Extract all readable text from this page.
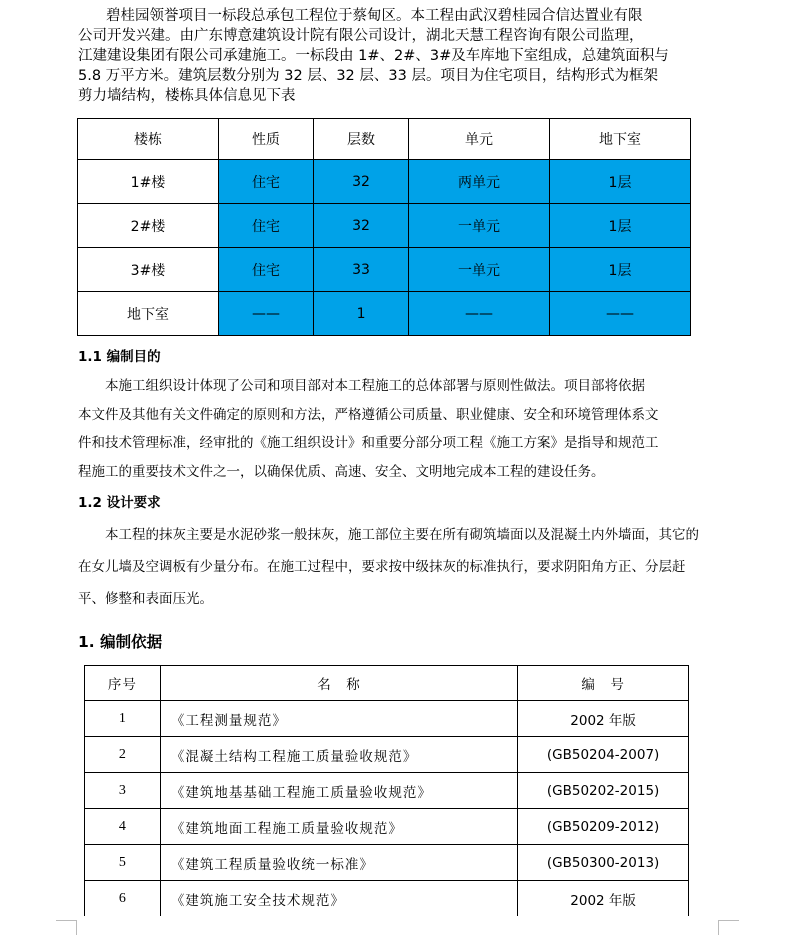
碧桂园领誉项目一标段总承包工程位于蔡甸区。本工程由武汉碧桂园合信达置业有限

公司开发兴建。由广东博意建筑设计院有限公司设计，湖北天慧工程咨询有限公司监理，

江建建设集团有限公司承建施工。一标段由 1#、2#、3#及车库地下室组成，总建筑面积与

5.8 万平方米。建筑层数分别为 32 层、32 层、33 层。项目为住宅项目，结构形式为框架

剪力墙结构，楼栋具体信息见下表

楼栋	性质	层数	单元	地下室
1#楼	住宅	32	两单元	1层
2#楼	住宅	32	一单元	1层
3#楼	住宅	33	一单元	1层
地下室	——	1	——	——
1.1 编制目的
本施工组织设计体现了公司和项目部对本工程施工的总体部署与原则性做法。项目部将依据
本文件及其他有关文件确定的原则和方法，严格遵循公司质量、职业健康、安全和环境管理体系文
件和技术管理标准，经审批的《施工组织设计》和重要分部分项工程《施工方案》是指导和规范工
程施工的重要技术文件之一，以确保优质、高速、安全、文明地完成本工程的建设任务。
1.2 设计要求
本工程的抹灰主要是水泥砂浆一般抹灰，施工部位主要在所有砌筑墙面以及混凝土内外墙面，其它的
在女儿墙及空调板有少量分布。在施工过程中，要求按中级抹灰的标准执行，要求阴阳角方正、分层赶
平、修整和表面压光。
1. 编制依据
序号	名　称	编　号
1	《工程测量规范》	2002 年版
2	《混凝土结构工程施工质量验收规范》	(GB50204-2007)
3	《建筑地基基础工程施工质量验收规范》	(GB50202-2015)
4	《建筑地面工程施工质量验收规范》	(GB50209-2012)
5	《建筑工程质量验收统一标准》	(GB50300-2013)
6	《建筑施工安全技术规范》	2002 年版
